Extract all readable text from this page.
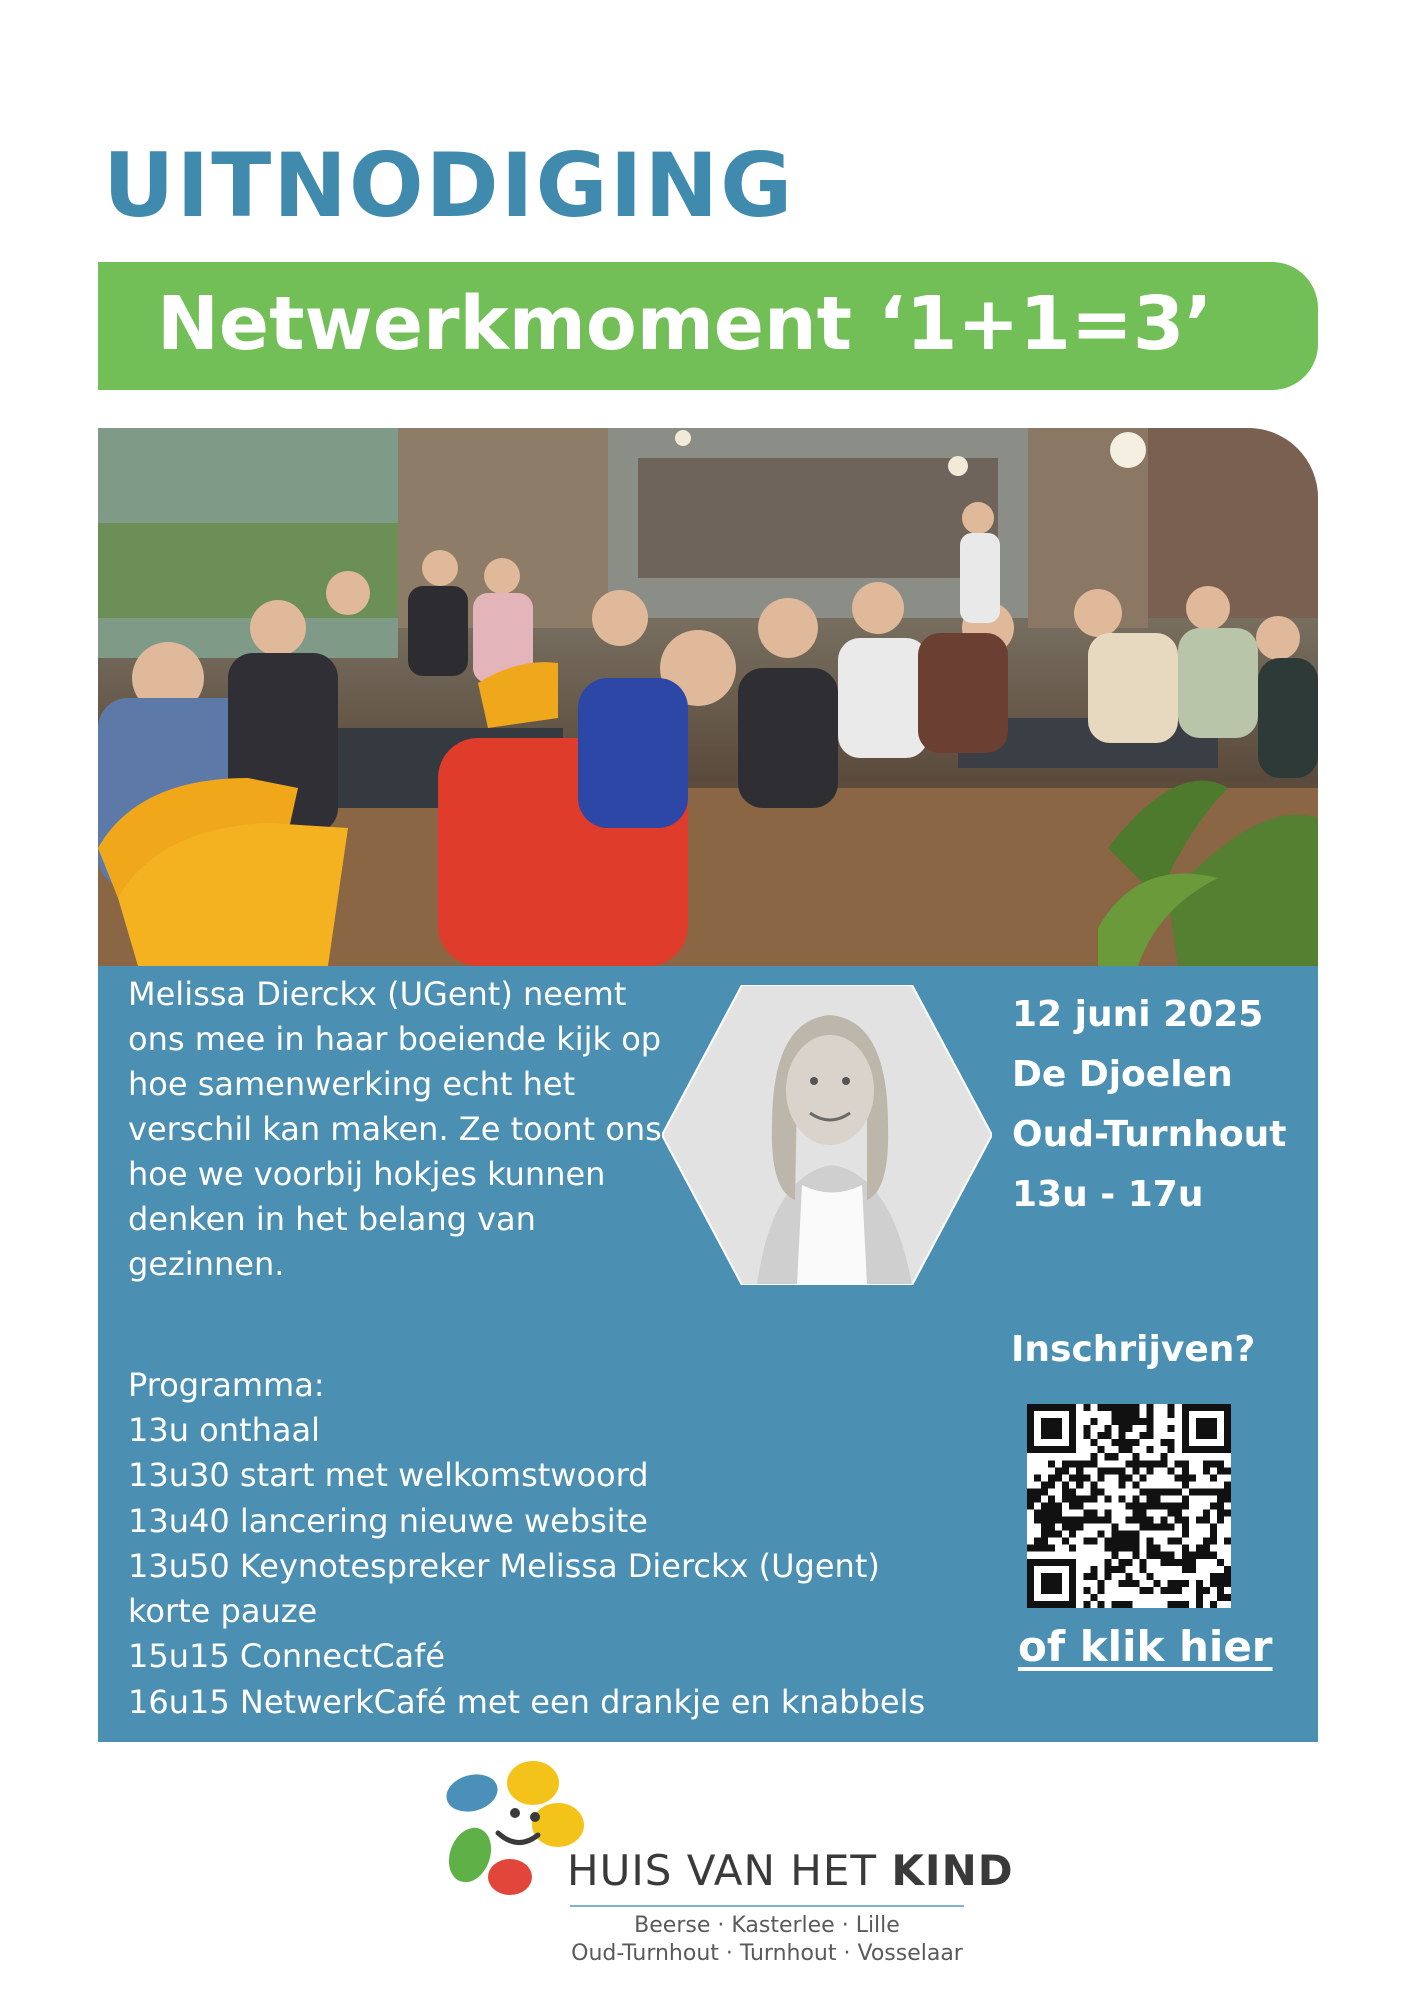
UITNODIGING
Netwerkmoment ‘1+1=3’

Melissa Dierckx (UGent) neemt ons mee in haar boeiende kijk op hoe samenwerking echt het verschil kan maken. Ze toont ons hoe we voorbij hokjes kunnen denken in het belang van gezinnen.

12 juni 2025
De Djoelen
Oud-Turnhout
13u - 17u
Programma:
13u onthaal
13u30 start met welkomstwoord
13u40 lancering nieuwe website
13u50 Keynotespreker Melissa Dierckx (Ugent)
korte pauze
15u15 ConnectCafé
16u15 NetwerkCafé met een drankje en knabbels
Inschrijven?
of klik hier
HUIS VAN HET KIND
Beerse · Kasterlee · Lille
Oud-Turnhout · Turnhout · Vosselaar
